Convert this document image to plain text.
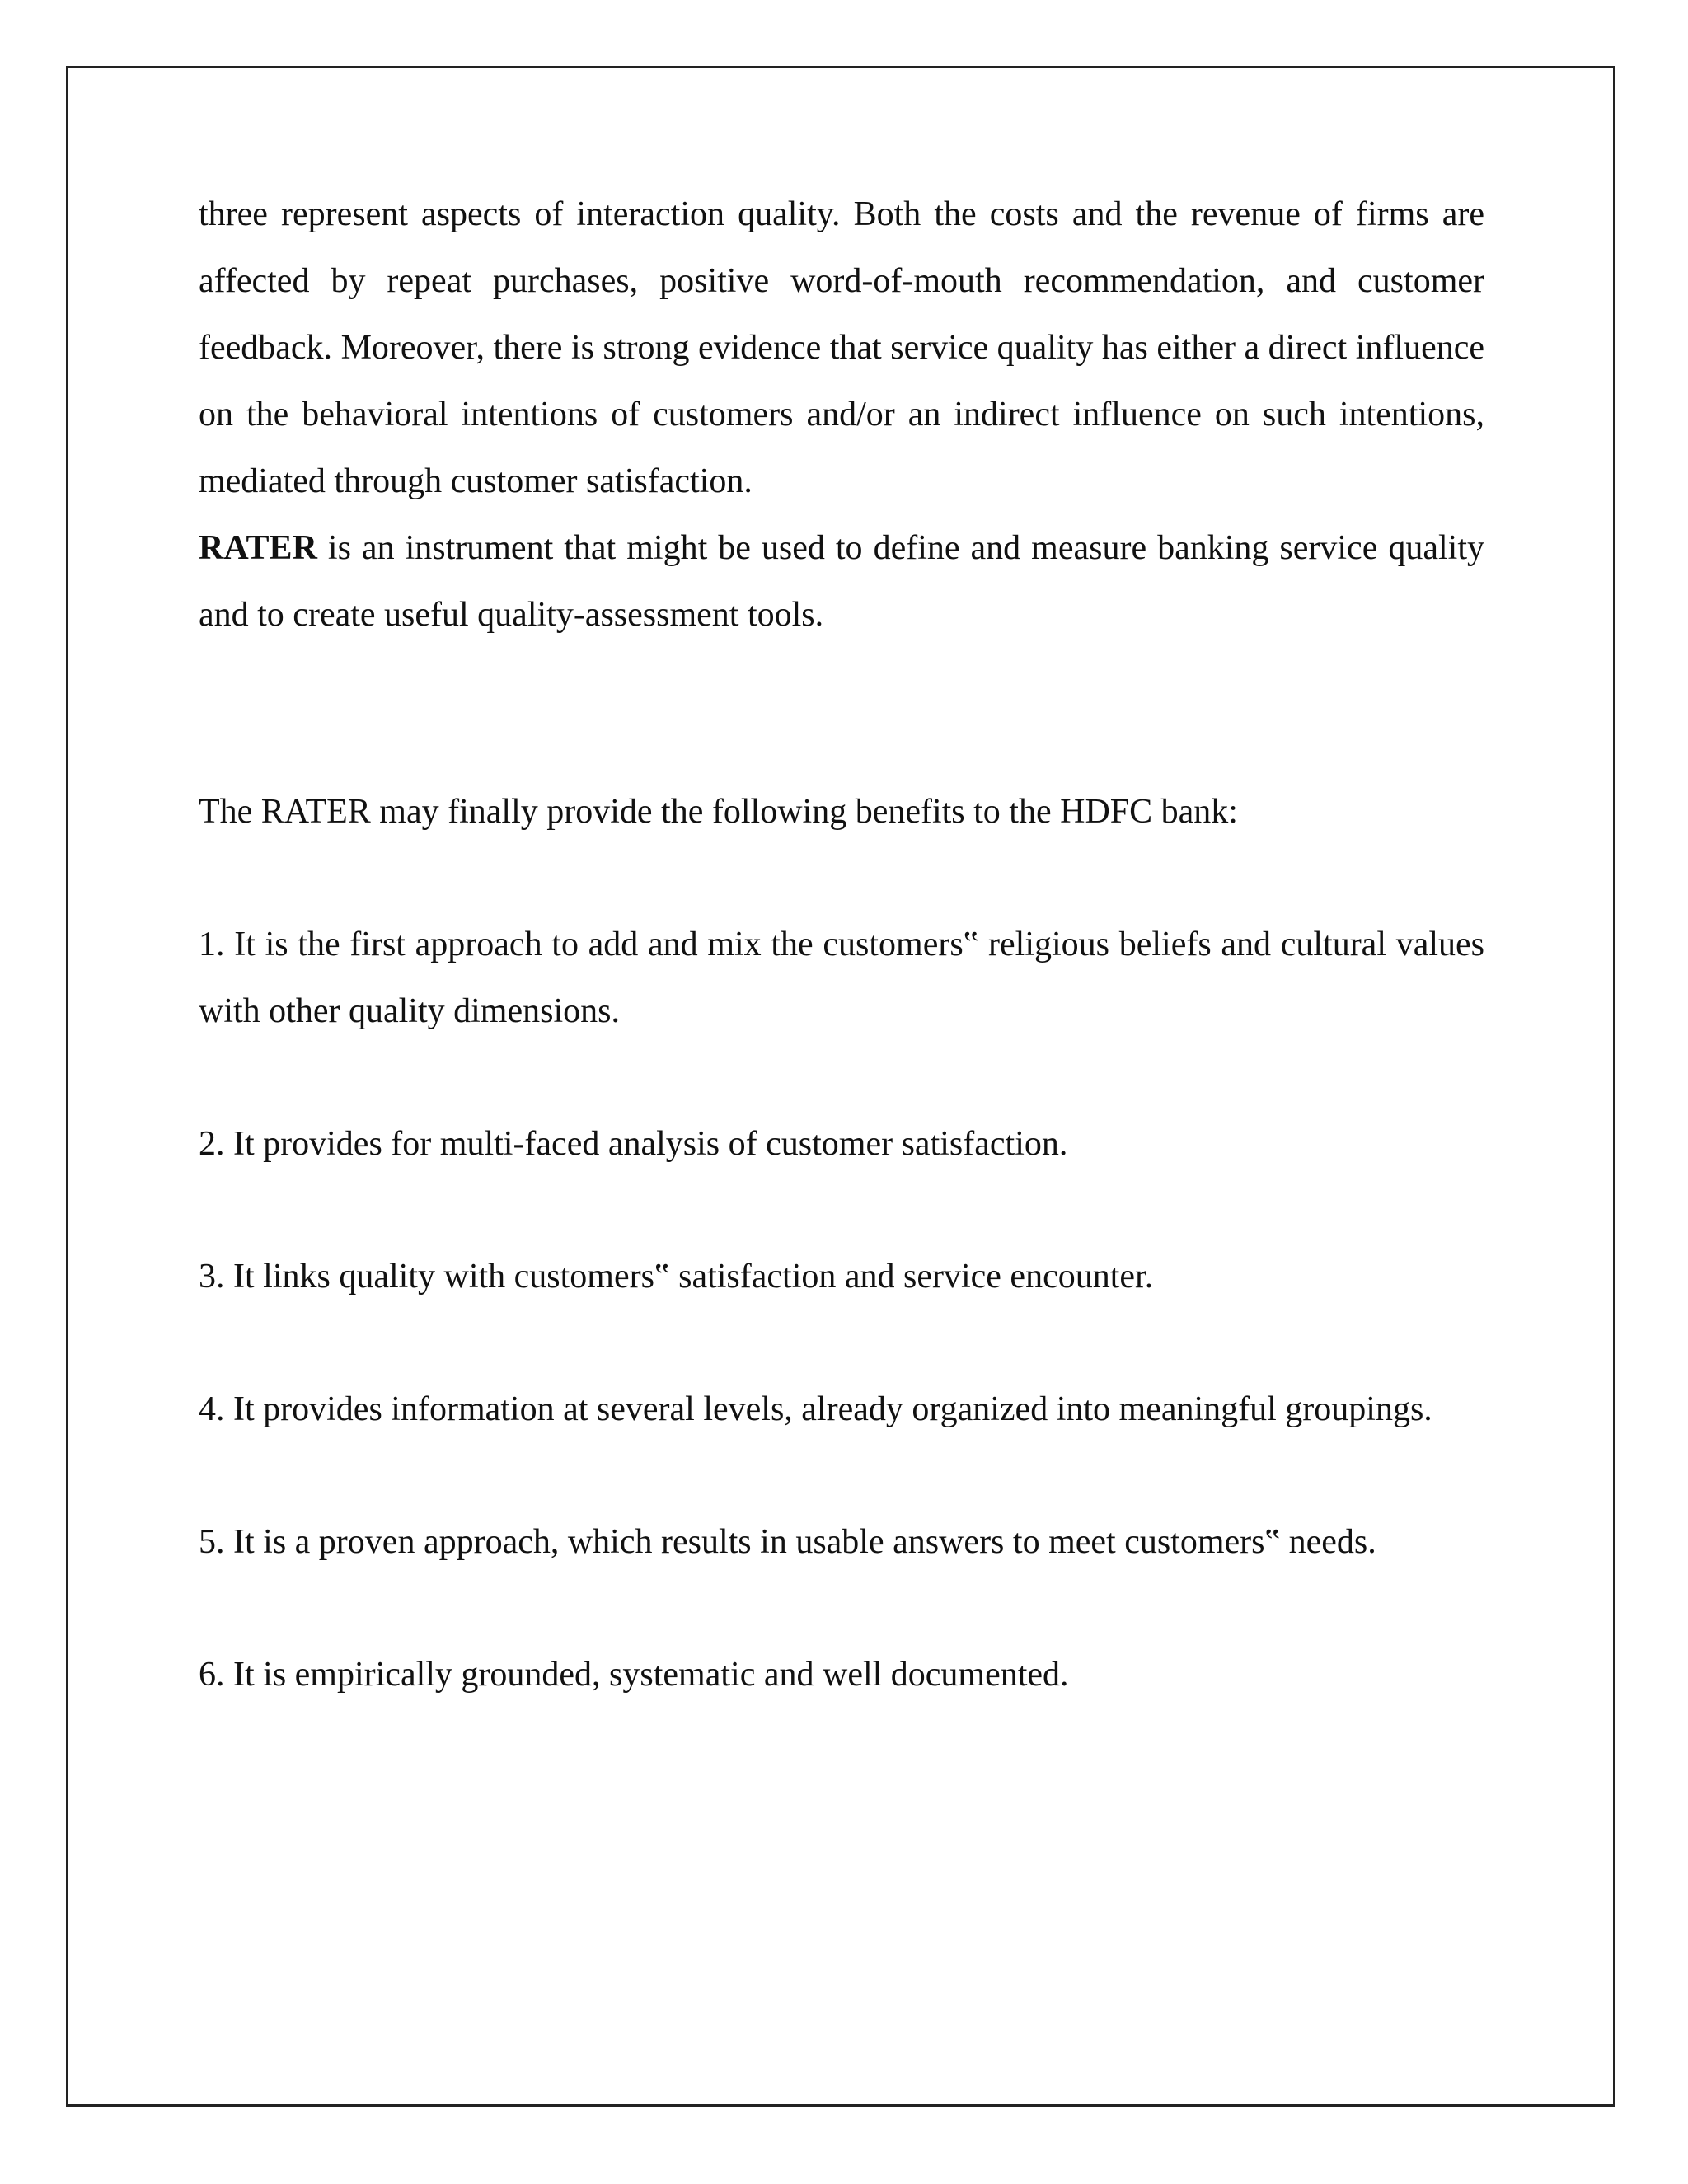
three represent aspects of interaction quality. Both the costs and the revenue of firms are affected by repeat purchases, positive word-of-mouth recommendation, and customer feedback. Moreover, there is strong evidence that service quality has either a direct influence on the behavioral intentions of customers and/or an indirect influence on such intentions, mediated through customer satisfaction.

RATER is an instrument that might be used to define and measure banking service quality and to create useful quality-assessment tools.

The RATER may finally provide the following benefits to the HDFC bank:

1. It is the first approach to add and mix the customers‟ religious beliefs and cultural values with other quality dimensions.

2. It provides for multi-faced analysis of customer satisfaction.

3. It links quality with customers‟ satisfaction and service encounter.

4. It provides information at several levels, already organized into meaningful groupings.

5. It is a proven approach, which results in usable answers to meet customers‟ needs.

6. It is empirically grounded, systematic and well documented.
